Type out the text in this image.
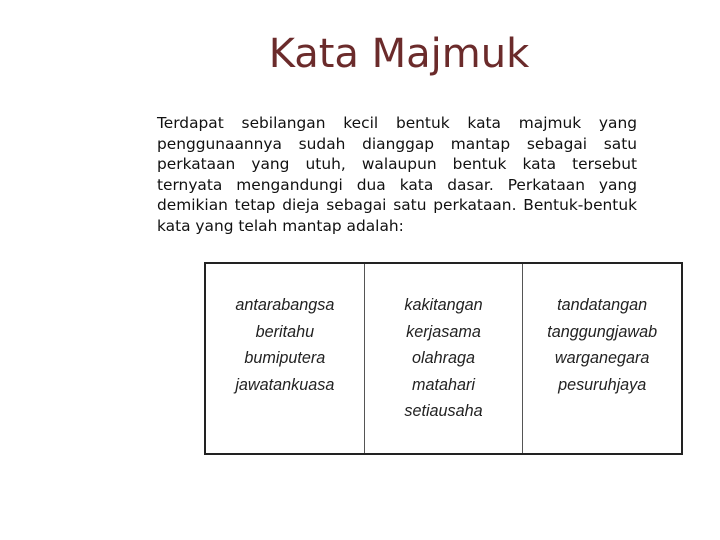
Kata Majmuk

Terdapat sebilangan kecil bentuk kata majmuk yang penggunaannya sudah dianggap mantap sebagai satu perkataan yang utuh, walaupun bentuk kata tersebut ternyata mengandungi dua kata dasar. Perkataan yang demikian tetap dieja sebagai satu perkataan. Bentuk-bentuk kata yang telah mantap adalah:

antarabangsa
beritahu
bumiputera
jawatankuasa
kakitangan
kerjasama
olahraga
matahari
setiausaha
tandatangan
tanggungjawab
warganegara
pesuruhjaya
